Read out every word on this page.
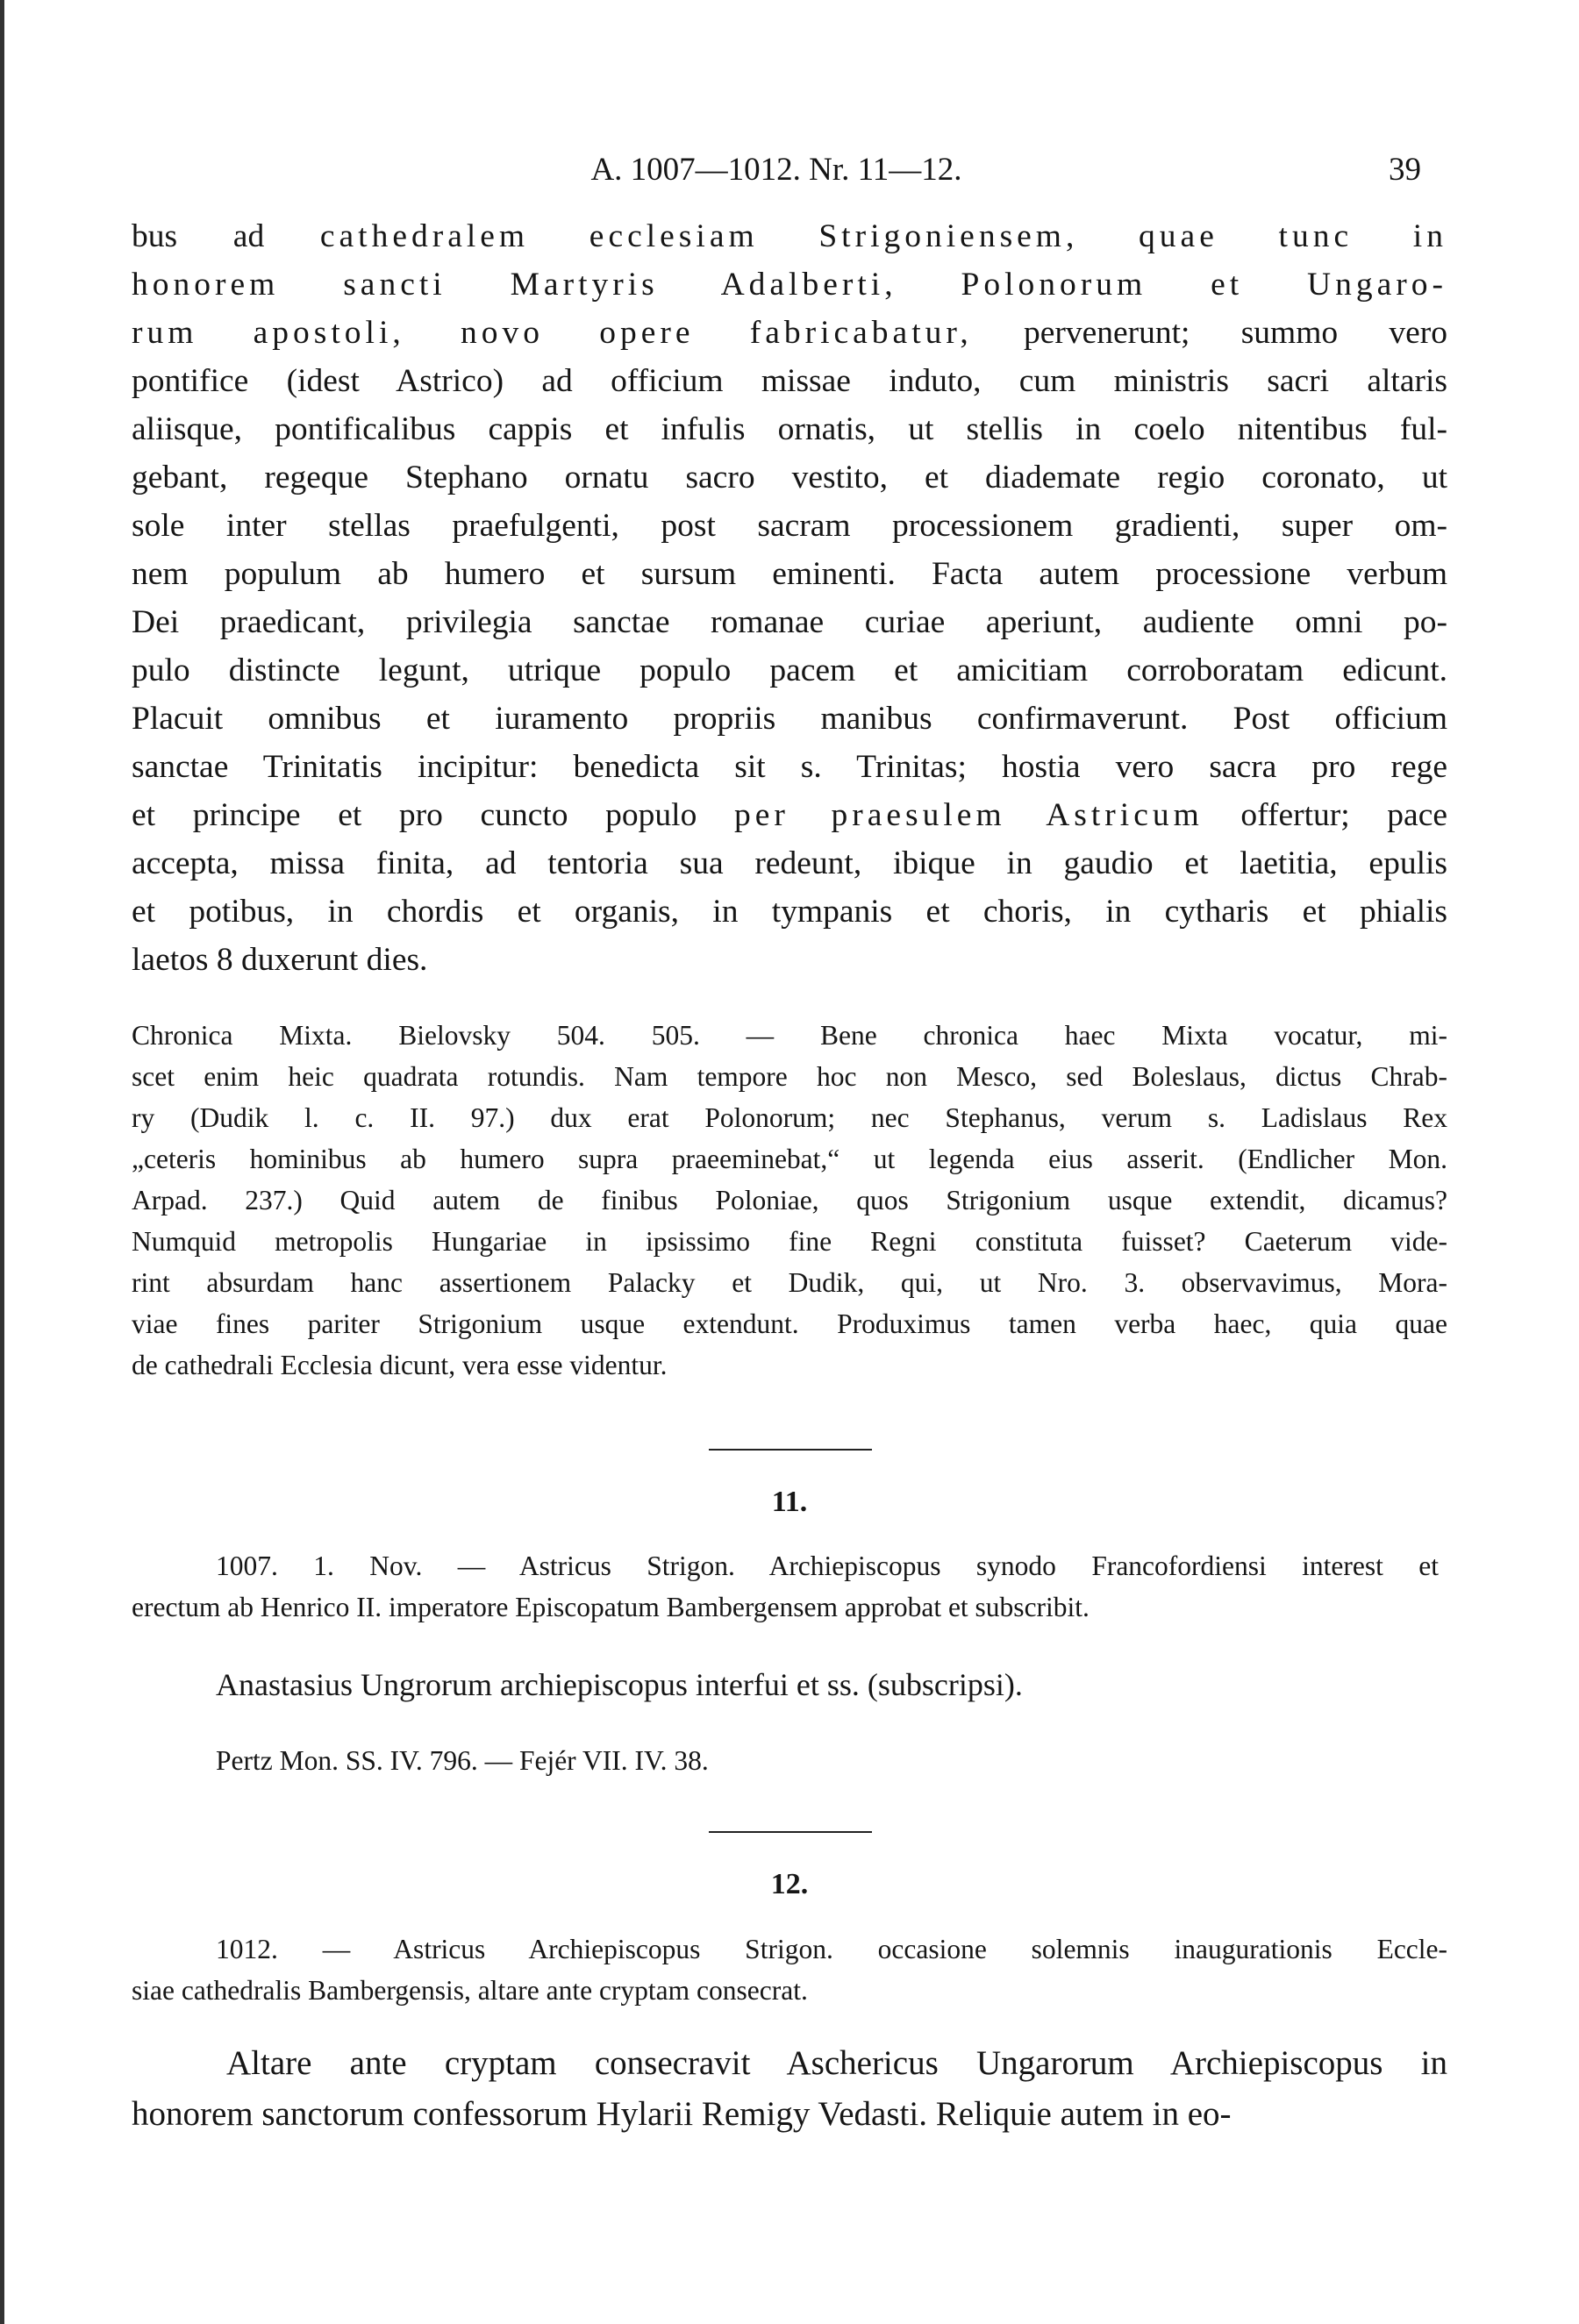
A. 1007—1012. Nr. 11—12.	39
bus ad cathedralem ecclesiam Strigoniensem, quae tunc in
honorem sancti Martyris Adalberti, Polonorum et Ungaro-
rum apostoli, novo opere fabricabatur, pervenerunt; summo vero
pontifice (idest Astrico) ad officium missae induto, cum ministris sacri altaris
aliisque, pontificalibus cappis et infulis ornatis, ut stellis in coelo nitentibus ful-
gebant, regeque Stephano ornatu sacro vestito, et diademate regio coronato, ut
sole inter stellas praefulgenti, post sacram processionem gradienti, super om-
nem populum ab humero et sursum eminenti. Facta autem processione verbum
Dei praedicant, privilegia sanctae romanae curiae aperiunt, audiente omni po-
pulo distincte legunt, utrique populo pacem et amicitiam corroboratam edicunt.
Placuit omnibus et iuramento propriis manibus confirmaverunt. Post officium
sanctae Trinitatis incipitur: benedicta sit s. Trinitas; hostia vero sacra pro rege
et principe et pro cuncto populo per praesulem Astricum offertur; pace
accepta, missa finita, ad tentoria sua redeunt, ibique in gaudio et laetitia, epulis
et potibus, in chordis et organis, in tympanis et choris, in cytharis et phialis
laetos 8 duxerunt dies.
Chronica Mixta. Bielovsky 504. 505. — Bene chronica haec Mixta vocatur, mi-
scet enim heic quadrata rotundis. Nam tempore hoc non Mesco, sed Boleslaus, dictus Chrab-
ry (Dudik l. c. II. 97.) dux erat Polonorum; nec Stephanus, verum s. Ladislaus Rex
„ceteris hominibus ab humero supra praeeminebat,“ ut legenda eius asserit. (Endlicher Mon.
Arpad. 237.) Quid autem de finibus Poloniae, quos Strigonium usque extendit, dicamus?
Numquid metropolis Hungariae in ipsissimo fine Regni constituta fuisset? Caeterum vide-
rint absurdam hanc assertionem Palacky et Dudik, qui, ut Nro. 3. observavimus, Mora-
viae fines pariter Strigonium usque extendunt. Produximus tamen verba haec, quia quae
de cathedrali Ecclesia dicunt, vera esse videntur.
11.
1007. 1. Nov. — Astricus Strigon. Archiepiscopus synodo Francofordiensi interest et
erectum ab Henrico II. imperatore Episcopatum Bambergensem approbat et subscribit.
Anastasius Ungrorum archiepiscopus interfui et ss. (subscripsi).
Pertz Mon. SS. IV. 796. — Fejér VII. IV. 38.
12.
1012. — Astricus Archiepiscopus Strigon. occasione solemnis inaugurationis Eccle-
siae cathedralis Bambergensis, altare ante cryptam consecrat.
Altare ante cryptam consecravit Aschericus Ungarorum Archiepiscopus in
honorem sanctorum confessorum Hylarii Remigy Vedasti. Reliquie autem in eo-
